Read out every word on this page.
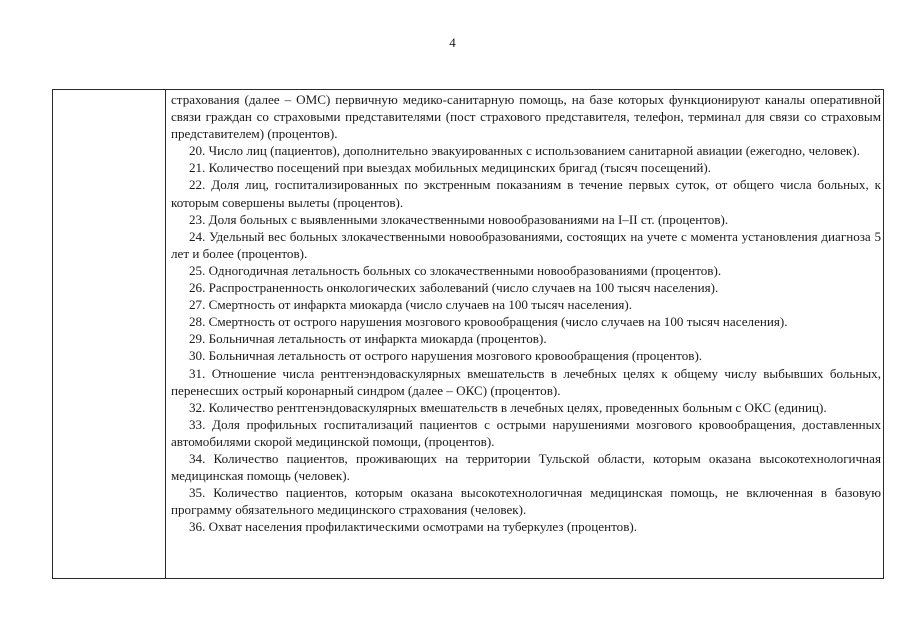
4

страхования (далее – ОМС) первичную медико-санитарную помощь, на базе которых функционируют каналы оперативной связи граждан со страховыми представителями (пост страхового представителя, телефон, терминал для связи со страховым представителем) (процентов).

20. Число лиц (пациентов), дополнительно эвакуированных с использованием санитарной авиации (ежегодно, человек).

21. Количество посещений при выездах мобильных медицинских бригад (тысяч посещений).

22. Доля лиц, госпитализированных по экстренным показаниям в течение первых суток, от общего числа больных, к которым совершены вылеты (процентов).

23. Доля больных с выявленными злокачественными новообразованиями на I–II ст. (процентов).

24. Удельный вес больных злокачественными новообразованиями, состоящих на учете с момента установления диагноза 5 лет и более (процентов).

25. Одногодичная летальность больных со злокачественными новообразованиями (процентов).

26. Распространенность онкологических заболеваний (число случаев на 100 тысяч населения).

27. Смертность от инфаркта миокарда (число случаев на 100 тысяч населения).

28. Смертность от острого нарушения мозгового кровообращения (число случаев на 100 тысяч населения).

29. Больничная летальность от инфаркта миокарда (процентов).

30. Больничная летальность от острого нарушения мозгового кровообращения (процентов).

31. Отношение числа рентгенэндоваскулярных вмешательств в лечебных целях к общему числу выбывших больных, перенесших острый коронарный синдром (далее – ОКС) (процентов).

32. Количество рентгенэндоваскулярных вмешательств в лечебных целях, проведенных больным с ОКС (единиц).

33. Доля профильных госпитализаций пациентов с острыми нарушениями мозгового кровообращения, доставленных автомобилями скорой медицинской помощи, (процентов).

34. Количество пациентов, проживающих на территории Тульской области, которым оказана высокотехнологичная медицинская помощь (человек).

35. Количество пациентов, которым оказана высокотехнологичная медицинская помощь, не включенная в базовую программу обязательного медицинского страхования (человек).

36. Охват населения профилактическими осмотрами на туберкулез (процентов).
